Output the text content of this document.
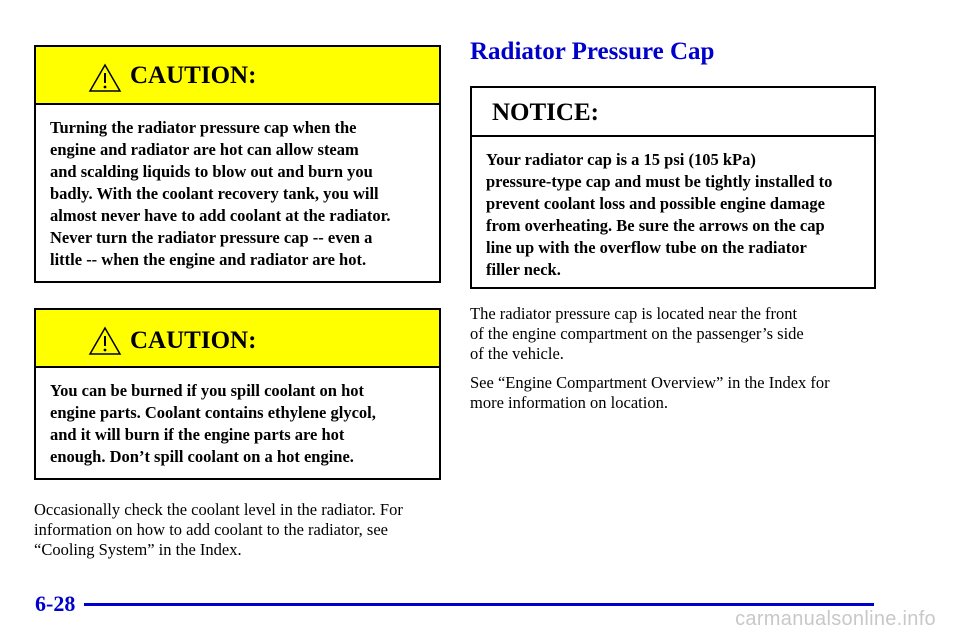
CAUTION:

Turning the radiator pressure cap when the

engine and radiator are hot can allow steam

and scalding liquids to blow out and burn you

badly. With the coolant recovery tank, you will

almost never have to add coolant at the radiator.

Never turn the radiator pressure cap -- even a

little -- when the engine and radiator are hot.

CAUTION:

You can be burned if you spill coolant on hot

engine parts. Coolant contains ethylene glycol,

and it will burn if the engine parts are hot

enough. Don’t spill coolant on a hot engine.

Occasionally check the coolant level in the radiator. For
information on how to add coolant to the radiator, see
“Cooling System” in the Index.

Radiator Pressure Cap
NOTICE:

Your radiator cap is a 15 psi (105 kPa)

pressure-type cap and must be tightly installed to

prevent coolant loss and possible engine damage

from overheating. Be sure the arrows on the cap

line up with the overflow tube on the radiator

filler neck.

The radiator pressure cap is located near the front
of the engine compartment on the passenger’s side
of the vehicle.

See “Engine Compartment Overview” in the Index for
more information on location.

6-28
carmanualsonline.info
